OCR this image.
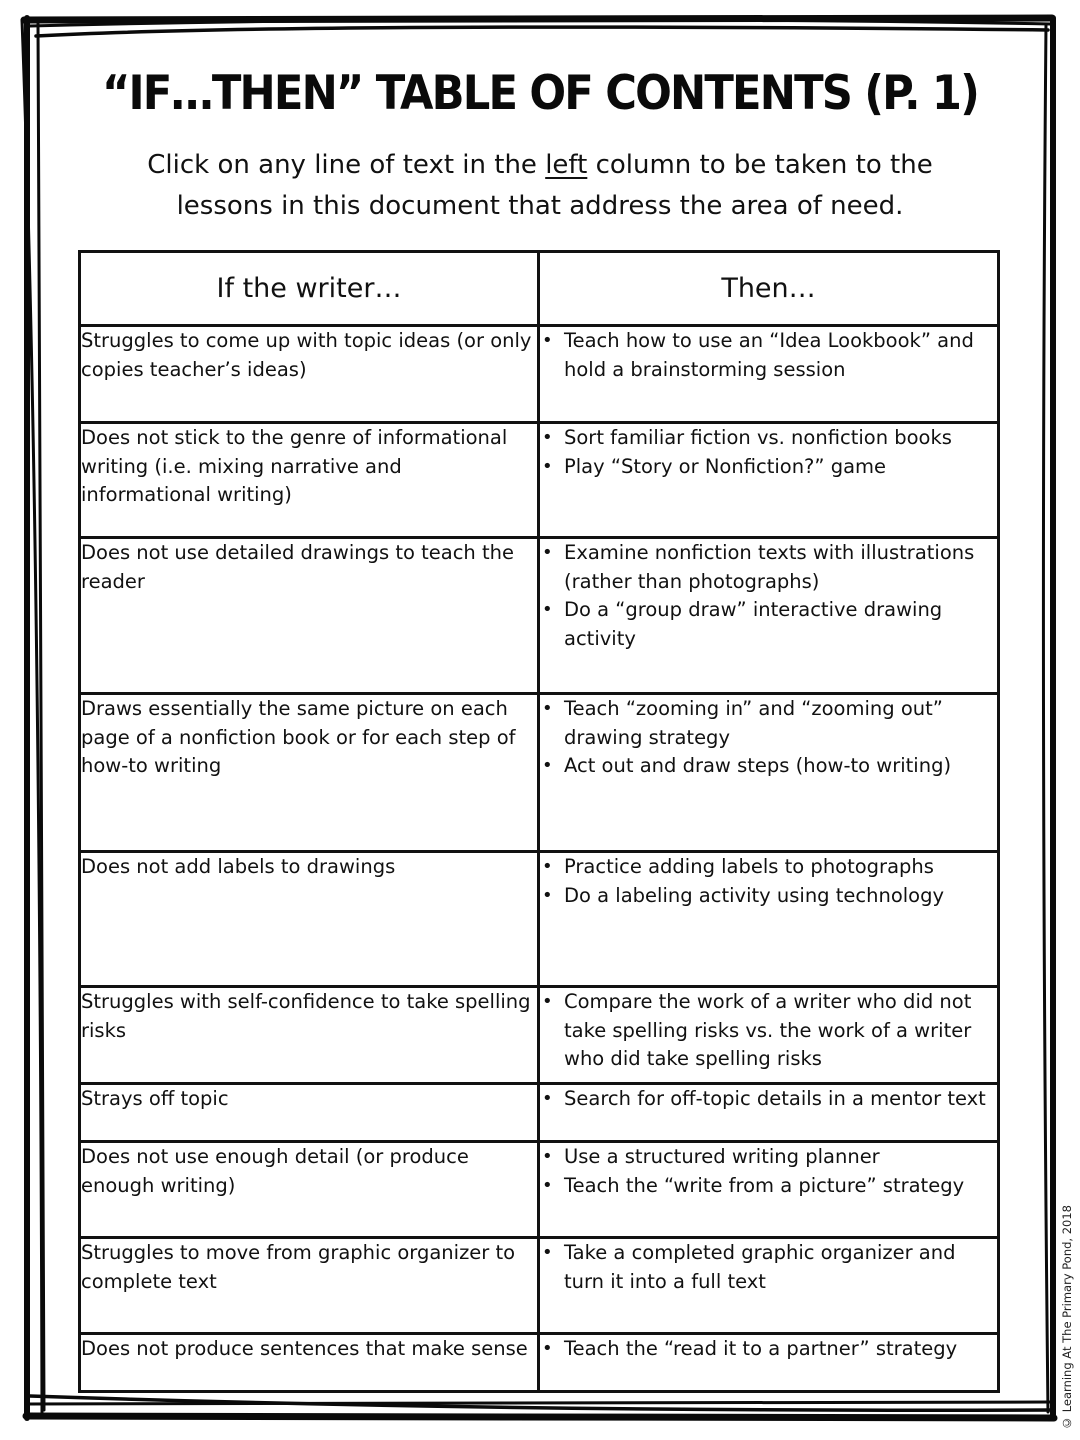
“IF…THEN” TABLE OF CONTENTS (P. 1)
Click on any line of text in the left column to be taken to the lessons in this document that address the area of need.
If the writer…	Then…
Struggles to come up with topic ideas (or only copies teacher’s ideas)	
• Teach how to use an “Idea Lookbook” and hold a brainstorming session

Does not stick to the genre of informational writing (i.e. mixing narrative and informational writing)	
• Sort familiar fiction vs. nonfiction books
• Play “Story or Nonfiction?” game

Does not use detailed drawings to teach the reader	
• Examine nonfiction texts with illustrations (rather than photographs)
• Do a “group draw” interactive drawing activity

Draws essentially the same picture on each page of a nonfiction book or for each step of how-to writing	
• Teach “zooming in” and “zooming out” drawing strategy
• Act out and draw steps (how-to writing)

Does not add labels to drawings	• Practice adding labels to photographs
• Do a labeling activity using technology

Struggles with self-confidence to take spelling risks	
• Compare the work of a writer who did not take spelling risks vs. the work of a writer who did take spelling risks

Strays off topic	• Search for off-topic details in a mentor text

Does not use enough detail (or produce enough writing)	
• Use a structured writing planner
• Teach the “write from a picture” strategy

Struggles to move from graphic organizer to complete text	
• Take a completed graphic organizer and turn it into a full text

Does not produce sentences that make sense	• Teach the “read it to a partner” strategy	© Learning At The Primary Pond, 2018
